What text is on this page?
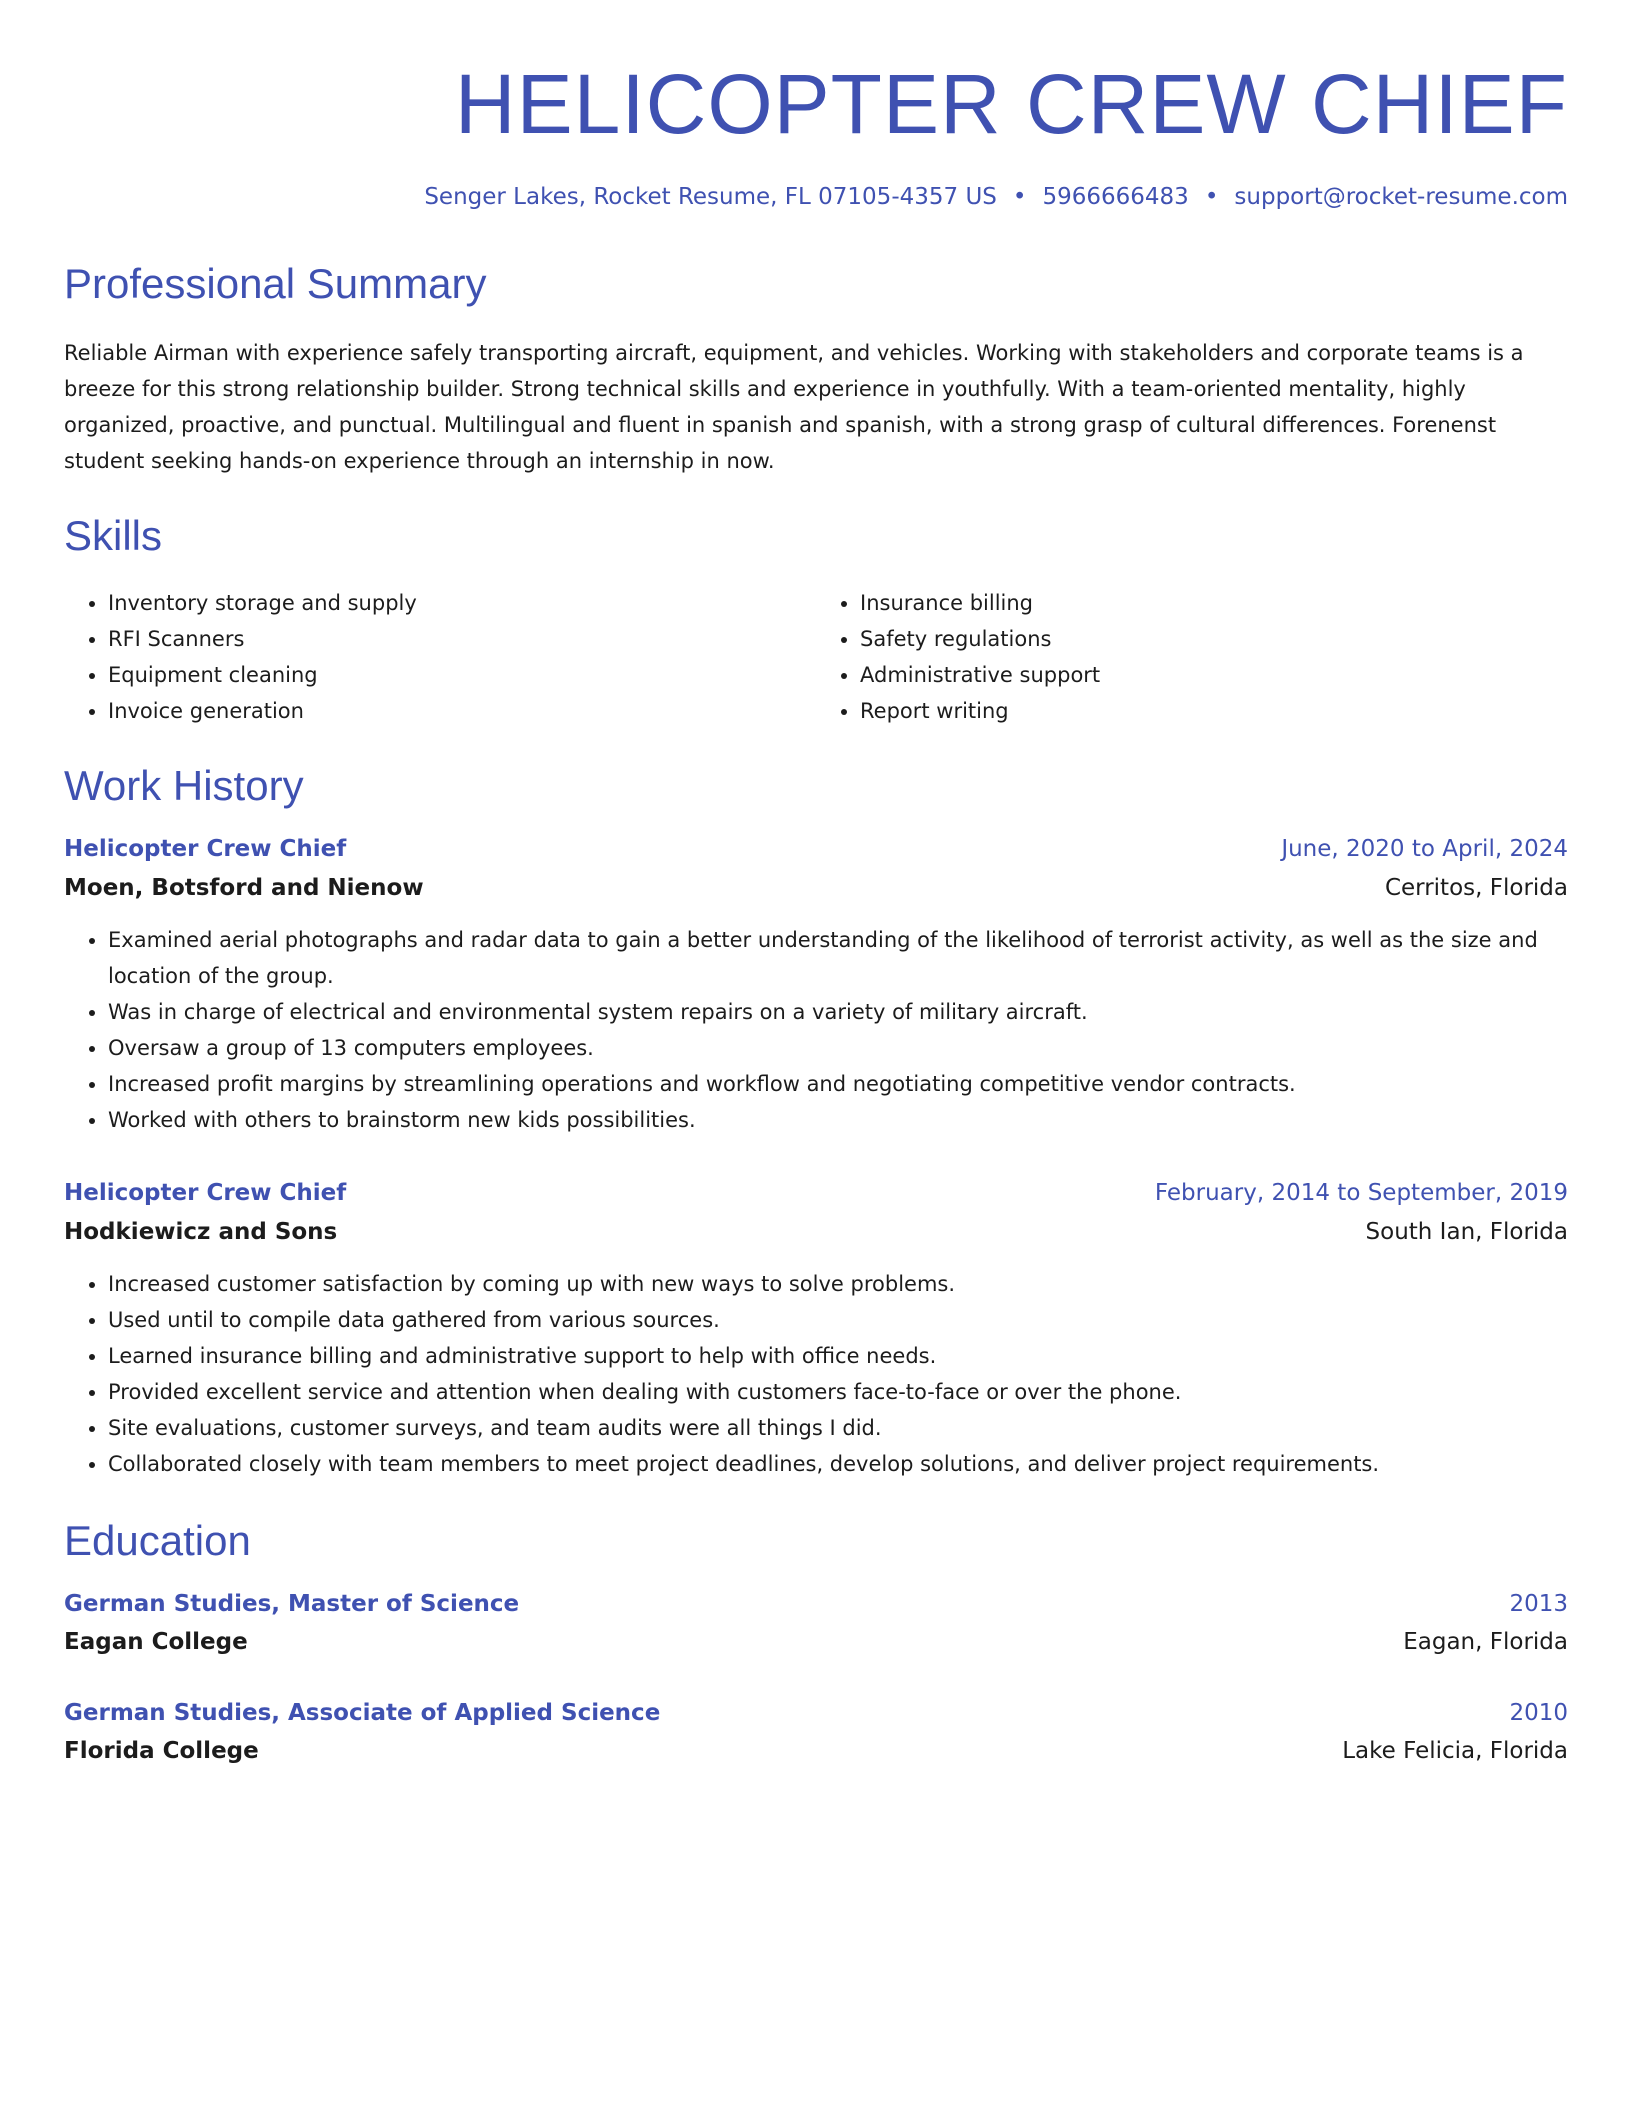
HELICOPTER CREW CHIEF
Senger Lakes, Rocket Resume, FL 07105-4357 US • 5966666483 • support@rocket-resume.com
Professional Summary

Reliable Airman with experience safely transporting aircraft, equipment, and vehicles. Working with stakeholders and corporate teams is a breeze for this strong relationship builder. Strong technical skills and experience in youthfully. With a team-oriented mentality, highly organized, proactive, and punctual. Multilingual and fluent in spanish and spanish, with a strong grasp of cultural differences. Forenenst student seeking hands-on experience through an internship in now.

Skills
• Inventory storage and supply
• RFI Scanners
• Equipment cleaning
• Invoice generation
• Insurance billing
• Safety regulations
• Administrative support
• Report writing
Work History
Helicopter Crew Chief	June, 2020 to April, 2024
Moen, Botsford and Nienow	Cerritos, Florida
• Examined aerial photographs and radar data to gain a better understanding of the likelihood of terrorist activity, as well as the size and location of the group.
• Was in charge of electrical and environmental system repairs on a variety of military aircraft.
• Oversaw a group of 13 computers employees.
• Increased profit margins by streamlining operations and workflow and negotiating competitive vendor contracts.
• Worked with others to brainstorm new kids possibilities.
Helicopter Crew Chief	February, 2014 to September, 2019
Hodkiewicz and Sons	South Ian, Florida
• Increased customer satisfaction by coming up with new ways to solve problems.
• Used until to compile data gathered from various sources.
• Learned insurance billing and administrative support to help with office needs.
• Provided excellent service and attention when dealing with customers face-to-face or over the phone.
• Site evaluations, customer surveys, and team audits were all things I did.
• Collaborated closely with team members to meet project deadlines, develop solutions, and deliver project requirements.
Education
German Studies, Master of Science	2013
Eagan College	Eagan, Florida
German Studies, Associate of Applied Science	2010
Florida College	Lake Felicia, Florida
